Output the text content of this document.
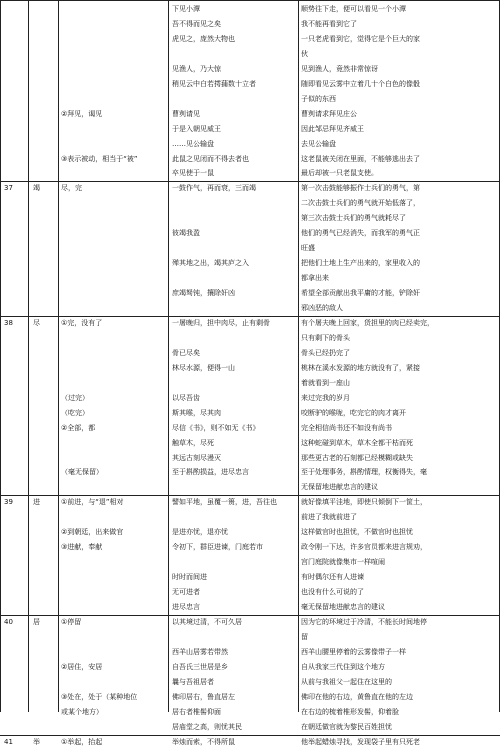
下见小潭	顺势往下走，便可以看见一个小潭
吾不得而见之矣	我不能再看到它了
虎见之，庞然大物也	一只老虎看到它，觉得它是个巨大的家
伙
见渔人，乃大惊	见到渔人，竟然非常惊讶
稍见云中白若摴蒱数十立者	随即看见云雾中立着几十个白色的像骰
子似的东西
②拜见，谒见	曹刿请见	曹刿请求拜见庄公
于是入朝见威王	因此邹忌拜见齐威王
……见公输盘	去见公输盘
③表示被动，相当于“被”	此鼠之见闭而不得去者也	这老鼠被关闭在里面，不能够逃出去了
卒见使于一鼠	最后却被一只老鼠支使。
37	竭	尽，完	一鼓作气，再而衰，三而竭	第一次击鼓能够振作士兵们的勇气，第
二次击鼓士兵们的勇气就开始低落了，
第三次击鼓士兵们的勇气就耗尽了
彼竭我盈	他们的勇气已经消失，而我军的勇气正
旺盛
殚其地之出，竭其庐之入	把他们土地上生产出来的，家里收入的
都拿出来
庶竭驽钝，攘除奸凶	希望全部贡献出我平庸的才能，铲除奸
邪凶恶的敌人
38	尽	①完，没有了	一屠晚归，担中肉尽，止有剩骨	有个屠夫晚上回家，货担里的肉已经卖完，
只有剩下的骨头
骨已尽矣	骨头已经扔完了
林尽水源，便得一山	桃林在溪水发源的地方就没有了，紧接
着就看到一座山
（过完）	以尽吾齿	来过完我的岁月
（吃完）	斯其喉，尽其肉	咬断驴的喉咙，吃完它的肉才离开
②全部，都	尽信《书》，则不如无《书》	完全相信尚书还不如没有尚书
触草木，尽死	这种蛇碰到草木，草木全都干枯而死
其远古刻尽漫灭	那些更古老的石刻都已经模糊或缺失
（毫无保留）	至于斟酌损益，进尽忠言	至于处理事务，斟酌情理，权衡得失，毫
无保留地进献忠言的建议
39	进	①前进，与“退”相对	譬如平地，虽覆一篑，进，吾往也	就好像填平洼地，即使只倾倒下一筐土，
前进了我就前进了
②到朝廷，出来做官	是进亦忧，退亦忧	这样做官时也担忧，不做官时也担忧
③进献，奉献	令初下，群臣进谏，门庭若市	政令刚一下达，许多官员都来进言规劝，
宫门庭院就像集市一样喧闹
时时而间进	有时偶尔还有人进谏
无可进者	也没有什么可说的了
进尽忠言	毫无保留地进献忠言的建议
40	居	①停留	以其境过清，不可久居	因为它的环境过于冷清，不能长时间地停
留
西羊山居雾若带然	西羊山腰里停着的云雾像带子一样
②居住，安居	自吾氏三世居是乡	自从我家三代住到这个地方
曩与吾祖居者	从前与我祖父一起住在这里的
③处在，处于（某种地位	佛印居右，鲁直居左	佛印在他的右边，黄鲁直在他的左边
或某个地方）	居右者椎髻仰面	在右边的梳着椎形发髻，仰着脸
居庙堂之高，则忧其民	在朝廷做官就为黎民百姓担忧
41	举	①举起，抬起	举烛而索，不得所鼠	他举起蜡烛寻找，发现袋子里有只死老
